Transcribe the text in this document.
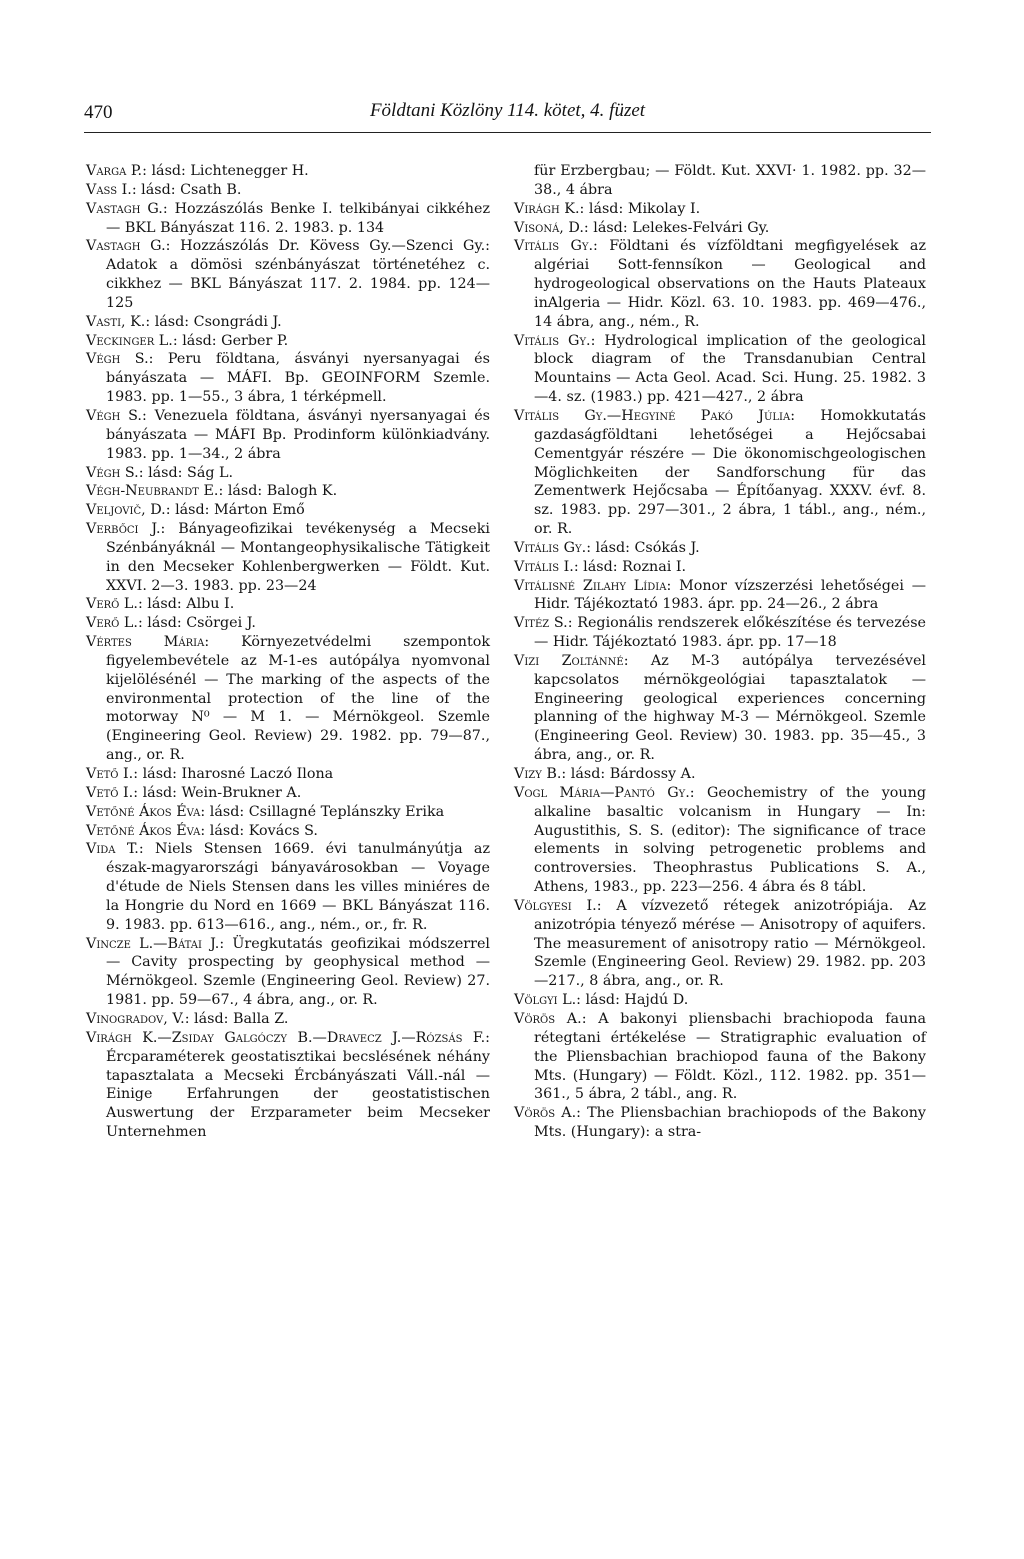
470	Földtani Közlöny 114. kötet, 4. füzet

Varga P.: lásd: Lichtenegger H.

Vass I.: lásd: Csath B.

Vastagh G.: Hozzászólás Benke I. telkibányai cikkéhez — BKL Bányászat 116. 2. 1983. p. 134

Vastagh G.: Hozzászólás Dr. Kövess Gy.—Szenci Gy.: Adatok a dömösi szénbányászat történetéhez c. cikkhez — BKL Bányászat 117. 2. 1984. pp. 124—125

Vasti, K.: lásd: Csongrádi J.

Veckinger L.: lásd: Gerber P.

Végh S.: Peru földtana, ásványi nyersanyagai és bányászata — MÁFI. Bp. GEOINFORM Szemle. 1983. pp. 1—55., 3 ábra, 1 térképmell.

Végh S.: Venezuela földtana, ásványi nyersanyagai és bányászata — MÁFI Bp. Prodinform különkiadvány. 1983. pp. 1—34., 2 ábra

Végh S.: lásd: Ság L.

Végh-Neubrandt E.: lásd: Balogh K.

Veljovič, D.: lásd: Márton Emő

Verbőci J.: Bányageofizikai tevékenység a Mecseki Szénbányáknál — Montangeophysikalische Tätigkeit in den Mecseker Kohlenbergwerken — Földt. Kut. XXVI. 2—3. 1983. pp. 23—24

Verő L.: lásd: Albu I.

Verő L.: lásd: Csörgei J.

Vértes Mária: Környezetvédelmi szempontok figyelembevétele az M-1-es autópálya nyomvonal kijelölésénél — The marking of the aspects of the environmental protection of the line of the motorway N⁰ — M 1. — Mérnökgeol. Szemle (Engineering Geol. Review) 29. 1982. pp. 79—87., ang., or. R.

Vető I.: lásd: Iharosné Laczó Ilona

Vető I.: lásd: Wein-Brukner A.

Vetőné Ákos Éva: lásd: Csillagné Teplánszky Erika

Vetőné Ákos Éva: lásd: Kovács S.

Vida T.: Niels Stensen 1669. évi tanulmányútja az észak-magyarországi bányavárosokban — Voyage d'étude de Niels Stensen dans les villes miniéres de la Hongrie du Nord en 1669 — BKL Bányászat 116. 9. 1983. pp. 613—616., ang., ném., or., fr. R.

Vincze L.—Bátai J.: Üregkutatás geofizikai módszerrel — Cavity prospecting by geophysical method — Mérnökgeol. Szemle (Engineering Geol. Review) 27. 1981. pp. 59—67., 4 ábra, ang., or. R.

Vinogradov, V.: lásd: Balla Z.

Virágh K.—Zsiday Galgóczy B.—Dravecz J.—Rózsás F.: Ércparaméterek geostatisztikai becslésének néhány tapasztalata a Mecseki Ércbányászati Váll.-nál — Einige Erfahrungen der geostatistischen Auswertung der Erzparameter beim Mecseker Unternehmen

für Erzbergbau; — Földt. Kut. XXVI· 1. 1982. pp. 32—38., 4 ábra

Virágh K.: lásd: Mikolay I.

Visoná, D.: lásd: Lelekes-Felvári Gy.

Vitális Gy.: Földtani és vízföldtani megfigyelések az algériai Sott-fennsíkon — Geological and hydrogeological observations on the Hauts Plateaux inAlgeria — Hidr. Közl. 63. 10. 1983. pp. 469—476., 14 ábra, ang., ném., R.

Vitális Gy.: Hydrological implication of the geological block diagram of the Transdanubian Central Mountains — Acta Geol. Acad. Sci. Hung. 25. 1982. 3—4. sz. (1983.) pp. 421—427., 2 ábra

Vitális Gy.—Hegyiné Pakó Júlia: Homokkutatás gazdaságföldtani lehetőségei a Hejőcsabai Cementgyár részére — Die ökonomischgeologischen Möglichkeiten der Sandforschung für das Zementwerk Hejőcsaba — Építőanyag. XXXV. évf. 8. sz. 1983. pp. 297—301., 2 ábra, 1 tábl., ang., ném., or. R.

Vitális Gy.: lásd: Csókás J.

Vitális I.: lásd: Roznai I.

Vitálisné Zilahy Lídia: Monor vízszerzési lehetőségei — Hidr. Tájékoztató 1983. ápr. pp. 24—26., 2 ábra

Vitéz S.: Regionális rendszerek előkészítése és tervezése — Hidr. Tájékoztató 1983. ápr. pp. 17—18

Vizi Zoltánné: Az M-3 autópálya tervezésével kapcsolatos mérnökgeológiai tapasztalatok — Engineering geological experiences concerning planning of the highway M-3 — Mérnökgeol. Szemle (Engineering Geol. Review) 30. 1983. pp. 35—45., 3 ábra, ang., or. R.

Vizy B.: lásd: Bárdossy A.

Vogl Mária—Pantó Gy.: Geochemistry of the young alkaline basaltic volcanism in Hungary — In: Augustithis, S. S. (editor): The significance of trace elements in solving petrogenetic problems and controversies. Theophrastus Publications S. A., Athens, 1983., pp. 223—256. 4 ábra és 8 tábl.

Völgyesi I.: A vízvezető rétegek anizotrópiája. Az anizotrópia tényező mérése — Anisotropy of aquifers. The measurement of anisotropy ratio — Mérnökgeol. Szemle (Engineering Geol. Review) 29. 1982. pp. 203—217., 8 ábra, ang., or. R.

Völgyi L.: lásd: Hajdú D.

Vörös A.: A bakonyi pliensbachi brachiopoda fauna rétegtani értékelése — Stratigraphic evaluation of the Pliensbachian brachiopod fauna of the Bakony Mts. (Hungary) — Földt. Közl., 112. 1982. pp. 351—361., 5 ábra, 2 tábl., ang. R.

Vörös A.: The Pliensbachian brachiopods of the Bakony Mts. (Hungary): a stra-
